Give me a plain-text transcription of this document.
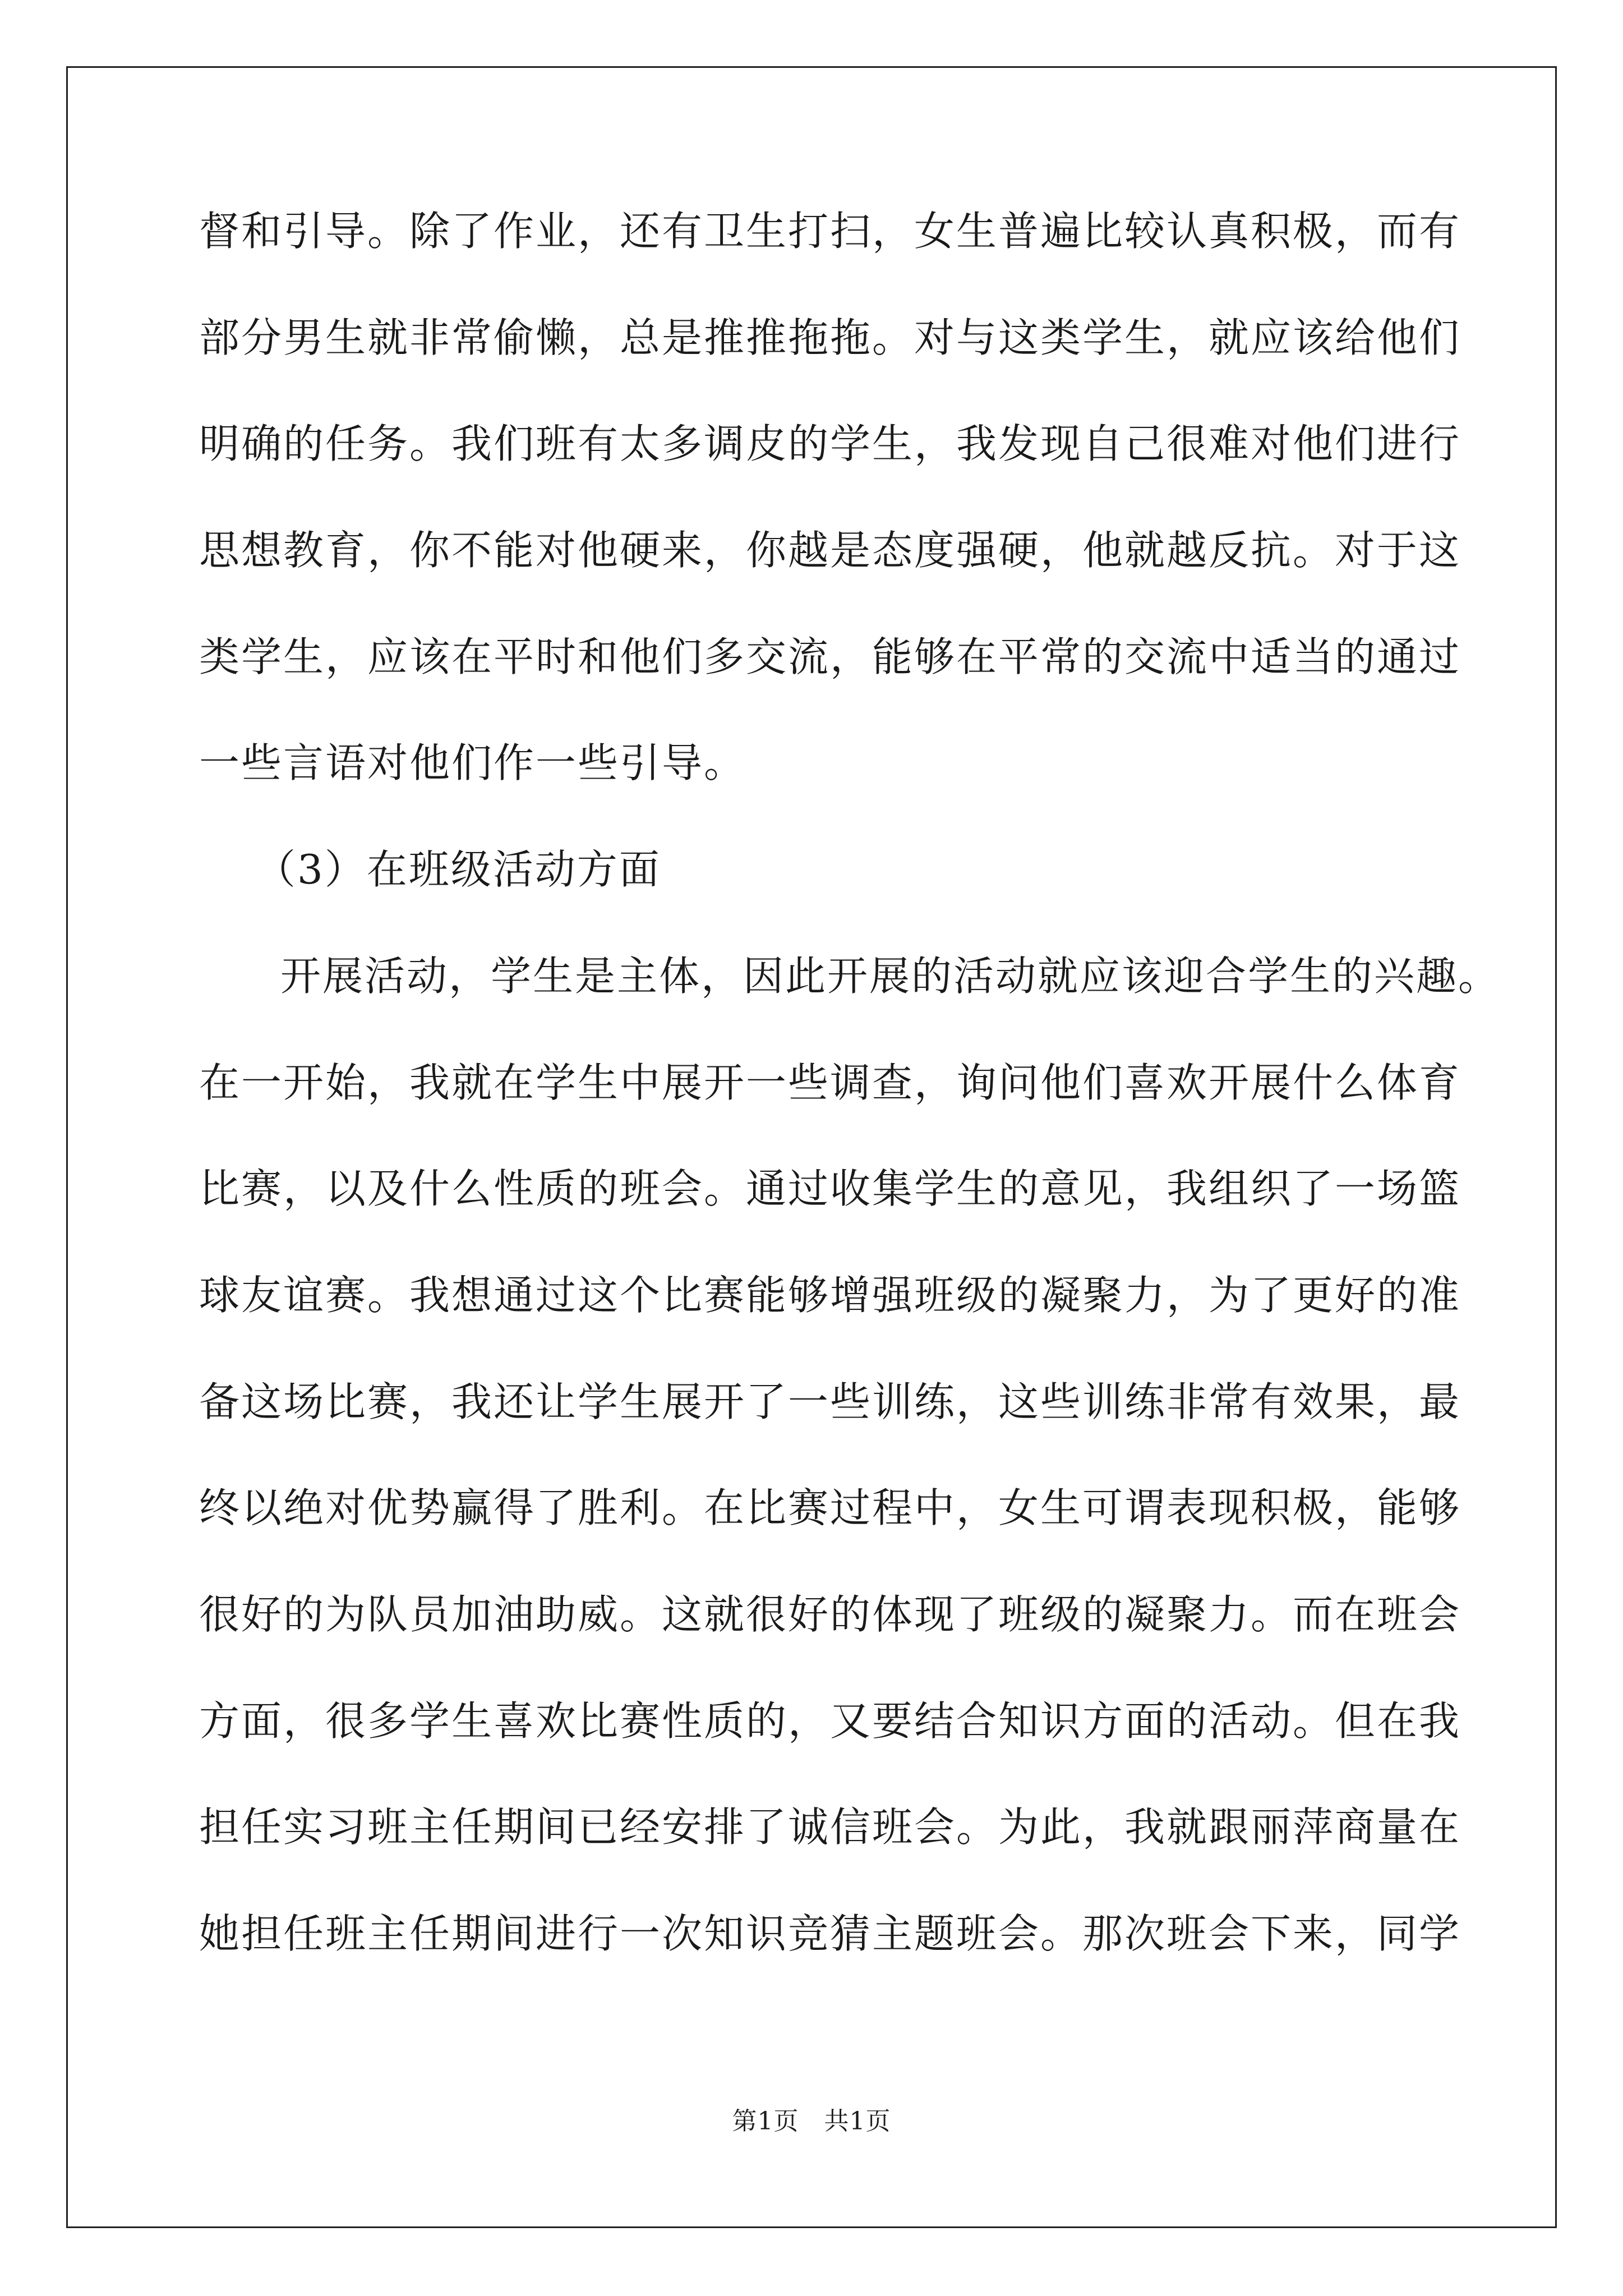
督和引导。除了作业，还有卫生打扫，女生普遍比较认真积极，而有
部分男生就非常偷懒，总是推推拖拖。对与这类学生，就应该给他们
明确的任务。我们班有太多调皮的学生，我发现自己很难对他们进行
思想教育，你不能对他硬来，你越是态度强硬，他就越反抗。对于这
类学生，应该在平时和他们多交流，能够在平常的交流中适当的通过
一些言语对他们作一些引导。
（3）在班级活动方面
开展活动，学生是主体，因此开展的活动就应该迎合学生的兴趣。
在一开始，我就在学生中展开一些调查，询问他们喜欢开展什么体育
比赛，以及什么性质的班会。通过收集学生的意见，我组织了一场篮
球友谊赛。我想通过这个比赛能够增强班级的凝聚力，为了更好的准
备这场比赛，我还让学生展开了一些训练，这些训练非常有效果，最
终以绝对优势赢得了胜利。在比赛过程中，女生可谓表现积极，能够
很好的为队员加油助威。这就很好的体现了班级的凝聚力。而在班会
方面，很多学生喜欢比赛性质的，又要结合知识方面的活动。但在我
担任实习班主任期间已经安排了诚信班会。为此，我就跟丽萍商量在
她担任班主任期间进行一次知识竞猜主题班会。那次班会下来，同学
第1页   共1页
